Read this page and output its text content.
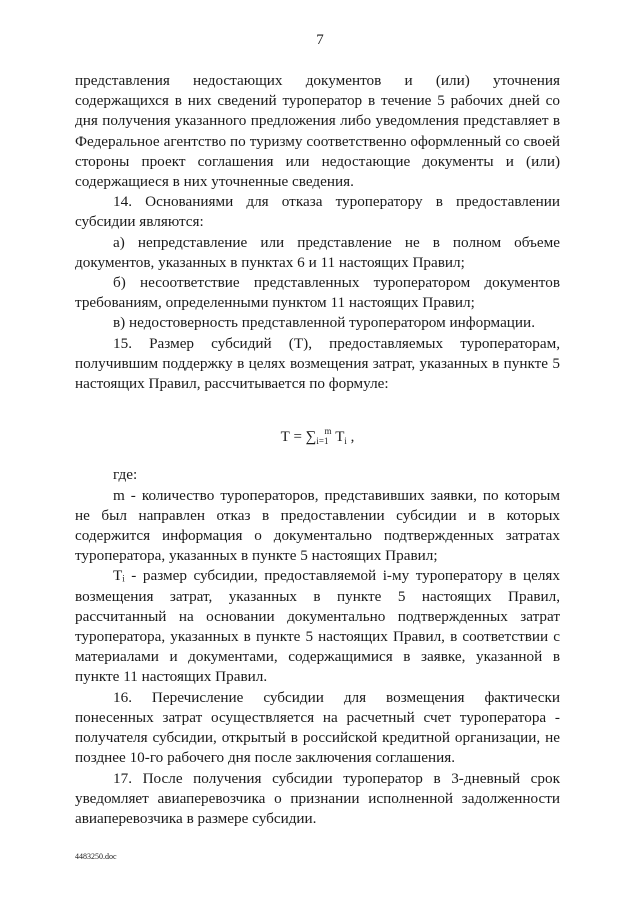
7

представления недостающих документов и (или) уточнения содержащихся в них сведений туроператор в течение 5 рабочих дней со дня получения указанного предложения либо уведомления представляет в Федеральное агентство по туризму соответственно оформленный со своей стороны проект соглашения или недостающие документы и (или) содержащиеся в них уточненные сведения.

14. Основаниями для отказа туроператору в предоставлении субсидии являются:

а) непредставление или представление не в полном объеме документов, указанных в пунктах 6 и 11 настоящих Правил;

б) несоответствие представленных туроператором документов требованиям, определенными пунктом 11 настоящих Правил;

в) недостоверность представленной туроператором информации.

15. Размер субсидий (Т), предоставляемых туроператорам, получившим поддержку в целях возмещения затрат, указанных в пункте 5 настоящих Правил, рассчитывается по формуле:

Т = ∑i=1m Тi ,

где:

m - количество туроператоров, представивших заявки, по которым не был направлен отказ в предоставлении субсидии и в которых содержится информация о документально подтвержденных затратах туроператора, указанных в пункте 5 настоящих Правил;

Тᵢ - размер субсидии, предоставляемой i-му туроператору в целях возмещения затрат, указанных в пункте 5 настоящих Правил, рассчитанный на основании документально подтвержденных затрат туроператора, указанных в пункте 5 настоящих Правил, в соответствии с материалами и документами, содержащимися в заявке, указанной в пункте 11 настоящих Правил.

16. Перечисление субсидии для возмещения фактически понесенных затрат осуществляется на расчетный счет туроператора - получателя субсидии, открытый в российской кредитной организации, не позднее 10-го рабочего дня после заключения соглашения.

17. После получения субсидии туроператор в 3-дневный срок уведомляет авиаперевозчика о признании исполненной задолженности авиаперевозчика в размере субсидии.

4483250.doc
